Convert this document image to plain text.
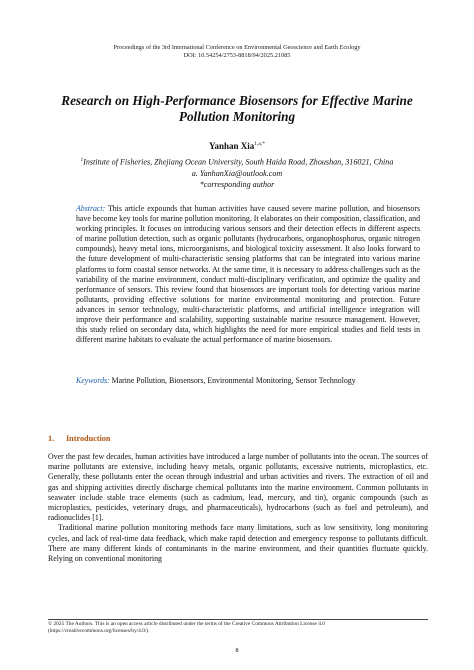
Proceedings of the 3rd International Conference on Environmental Geoscience and Earth Ecology
DOI: 10.54254/2753-8818/94/2025.21085
Research on High-Performance Biosensors for Effective Marine Pollution Monitoring
Yanhan Xia$^{1,a,*}$
$^1$Institute of Fisheries, Zhejiang Ocean University, South Haida Road, Zhoushan, 316021, China
a. YanhanXia@outlook.com
*corresponding author
Abstract: This article expounds that human activities have caused severe marine pollution, and biosensors have become key tools for marine pollution monitoring. It elaborates on their composition, classification, and working principles. It focuses on introducing various sensors and their detection effects in different aspects of marine pollution detection, such as organic pollutants (hydrocarbons, organophosphorus, organic nitrogen compounds), heavy metal ions, microorganisms, and biological toxicity assessment. It also looks forward to the future development of multi-characteristic sensing platforms that can be integrated into various marine platforms to form coastal sensor networks. At the same time, it is necessary to address challenges such as the variability of the marine environment, conduct multi-disciplinary verification, and optimize the quality and performance of sensors. This review found that biosensors are important tools for detecting various marine pollutants, providing effective solutions for marine environmental monitoring and protection. Future advances in sensor technology, multi-characteristic platforms, and artificial intelligence integration will improve their performance and scalability, supporting sustainable marine resource management. However, this study relied on secondary data, which highlights the need for more empirical studies and field tests in different marine habitats to evaluate the actual performance of marine biosensors.
Keywords: Marine Pollution, Biosensors, Environmental Monitoring, Sensor Technology
1. Introduction

Over the past few decades, human activities have introduced a large number of pollutants into the ocean. The sources of marine pollutants are extensive, including heavy metals, organic pollutants, excessive nutrients, microplastics, etc. Generally, these pollutants enter the ocean through industrial and urban activities and rivers. The extraction of oil and gas and shipping activities directly discharge chemical pollutants into the marine environment. Common pollutants in seawater include stable trace elements (such as cadmium, lead, mercury, and tin), organic compounds (such as microplastics, pesticides, veterinary drugs, and pharmaceuticals), hydrocarbons (such as fuel and petroleum), and radionuclides [1].

Traditional marine pollution monitoring methods face many limitations, such as low sensitivity, long monitoring cycles, and lack of real-time data feedback, which make rapid detection and emergency response to pollutants difficult. There are many different kinds of contaminants in the marine environment, and their quantities fluctuate quickly. Relying on conventional monitoring

© 2025 The Authors. This is an open access article distributed under the terms of the Creative Commons Attribution License 4.0
(https://creativecommons.org/licenses/by/4.0/).
8
